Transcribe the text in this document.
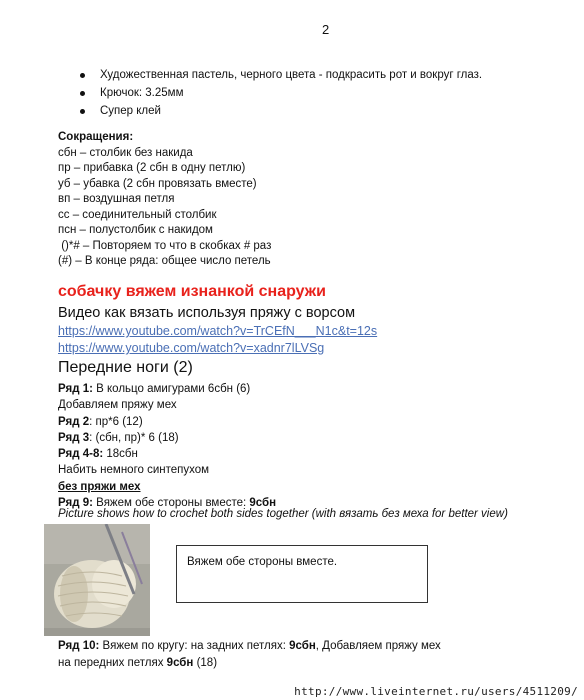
2
Художественная пастель, черного цвета - подкрасить рот и вокруг глаз.
Крючок: 3.25мм
Супер клей
Сокращения:
сбн – столбик без накида
пр – прибавка (2 сбн в одну петлю)
уб – убавка (2 сбн провязать вместе)
вп – воздушная петля
сс – соединительный столбик
псн – полустолбик с накидом
()*# – Повторяем то что в скобках # раз
(#) – В конце ряда: общее число петель
собачку вяжем изнанкой снаружи
Видео как вязать используя пряжу с ворсом
https://www.youtube.com/watch?v=TrCEfN___N1c&t=12s
https://www.youtube.com/watch?v=xadnr7lLVSg
Передние ноги (2)
Ряд 1: В кольцо амигурами 6сбн (6)
Добавляем пряжу мех
Ряд 2: пр*6 (12)
Ряд 3: (сбн, пр)* 6 (18)
Ряд 4-8: 18сбн
Набить немного синтепухом
без пряжи мех
Ряд 9: Вяжем обе стороны вместе: 9сбн
Picture shows how to crochet both sides together (with вязать без меха for better view)
Вяжем обе стороны вместе.
Ряд 10: Вяжем по кругу: на задних петлях: 9сбн, Добавляем пряжу мех
на передних петлях 9сбн (18)
http://www.liveinternet.ru/users/4511209/
